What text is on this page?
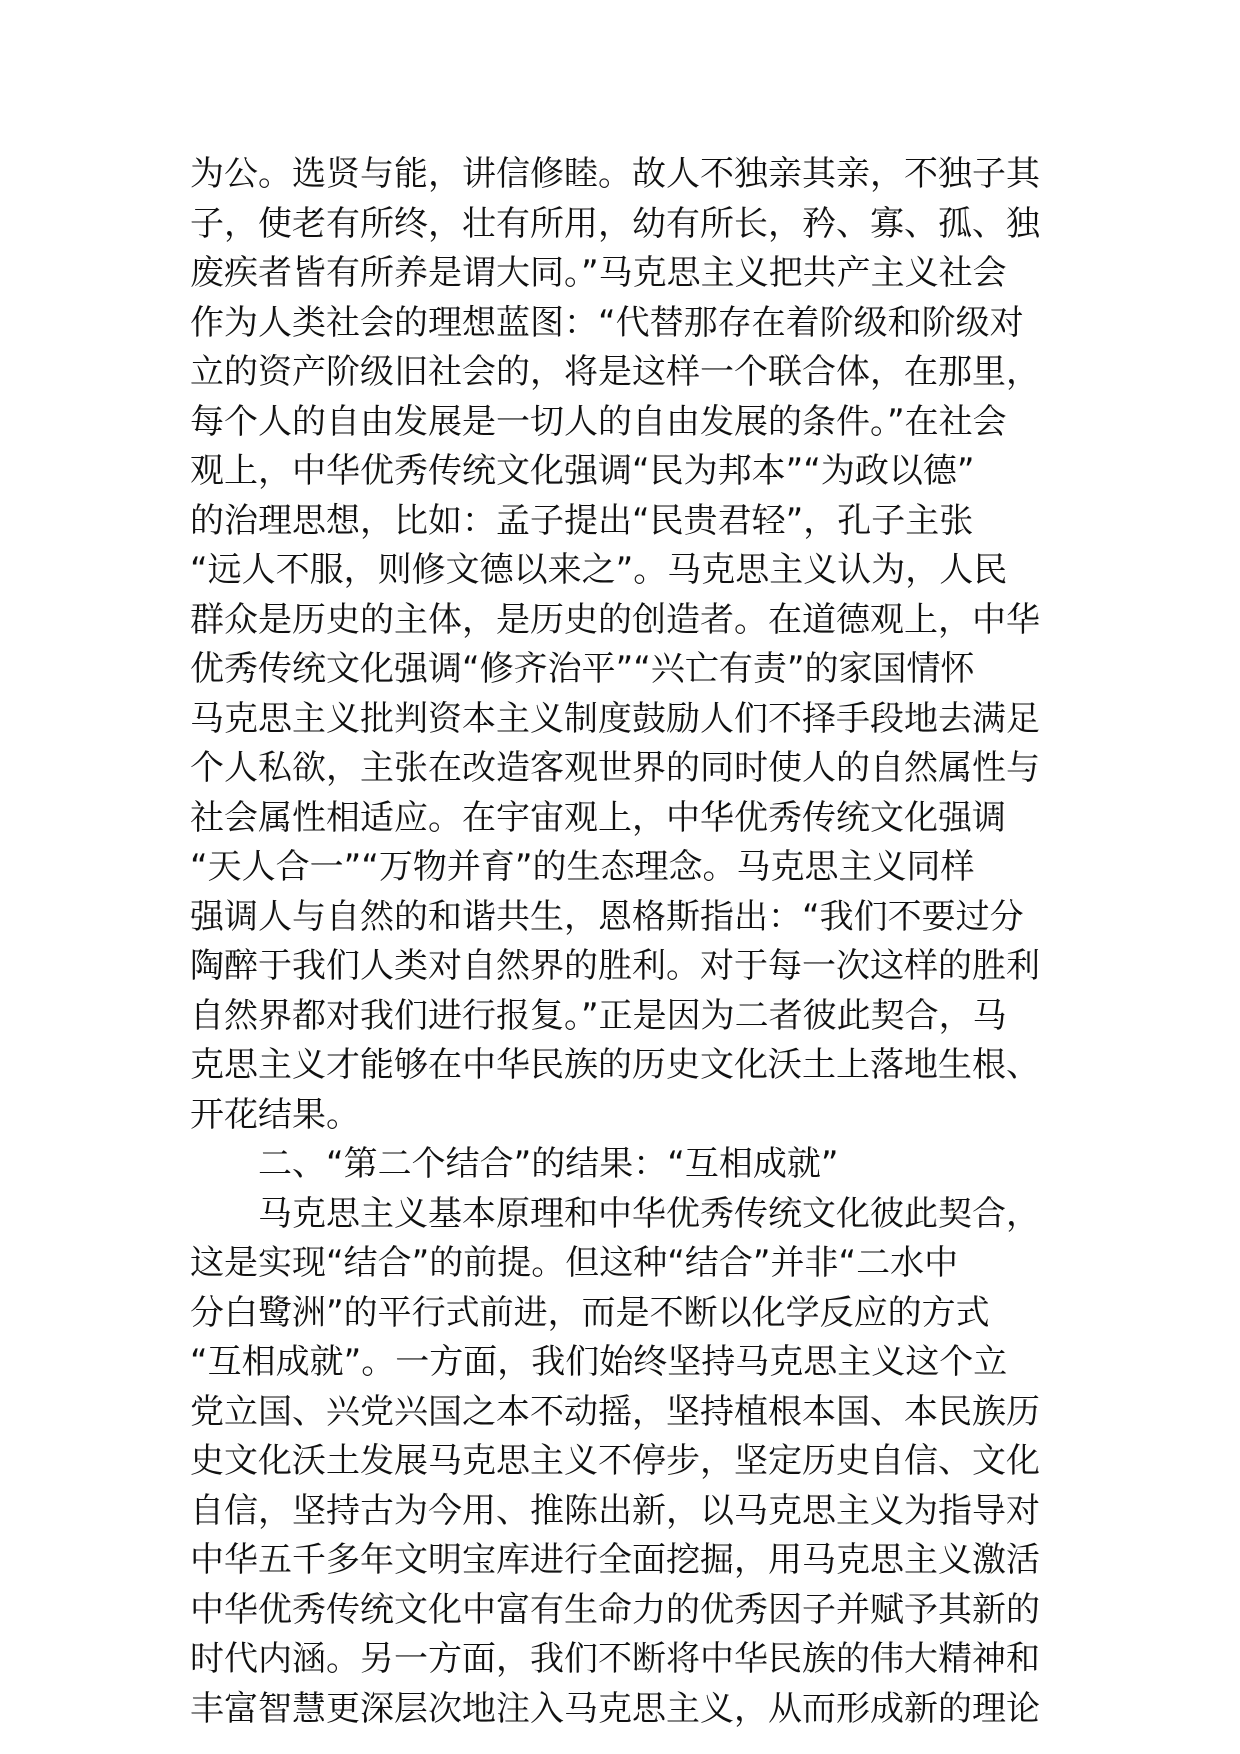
为公。选贤与能，讲信修睦。故人不独亲其亲，不独子其
子，使老有所终，壮有所用，幼有所长，矜、寡、孤、独
废疾者皆有所养是谓大同。”马克思主义把共产主义社会
作为人类社会的理想蓝图：“代替那存在着阶级和阶级对
立的资产阶级旧社会的，将是这样一个联合体，在那里，
每个人的自由发展是一切人的自由发展的条件。”在社会
观上，中华优秀传统文化强调“民为邦本”“为政以德”
的治理思想，比如：孟子提出“民贵君轻”，孔子主张
“远人不服，则修文德以来之”。马克思主义认为，人民
群众是历史的主体，是历史的创造者。在道德观上，中华
优秀传统文化强调“修齐治平”“兴亡有责”的家国情怀
马克思主义批判资本主义制度鼓励人们不择手段地去满足
个人私欲，主张在改造客观世界的同时使人的自然属性与
社会属性相适应。在宇宙观上，中华优秀传统文化强调
“天人合一”“万物并育”的生态理念。马克思主义同样
强调人与自然的和谐共生，恩格斯指出：“我们不要过分
陶醉于我们人类对自然界的胜利。对于每一次这样的胜利
自然界都对我们进行报复。”正是因为二者彼此契合，马
克思主义才能够在中华民族的历史文化沃土上落地生根、
开花结果。
二、“第二个结合”的结果：“互相成就”
马克思主义基本原理和中华优秀传统文化彼此契合，
这是实现“结合”的前提。但这种“结合”并非“二水中
分白鹭洲”的平行式前进，而是不断以化学反应的方式
“互相成就”。一方面，我们始终坚持马克思主义这个立
党立国、兴党兴国之本不动摇，坚持植根本国、本民族历
史文化沃土发展马克思主义不停步，坚定历史自信、文化
自信，坚持古为今用、推陈出新，以马克思主义为指导对
中华五千多年文明宝库进行全面挖掘，用马克思主义激活
中华优秀传统文化中富有生命力的优秀因子并赋予其新的
时代内涵。另一方面，我们不断将中华民族的伟大精神和
丰富智慧更深层次地注入马克思主义，从而形成新的理论
